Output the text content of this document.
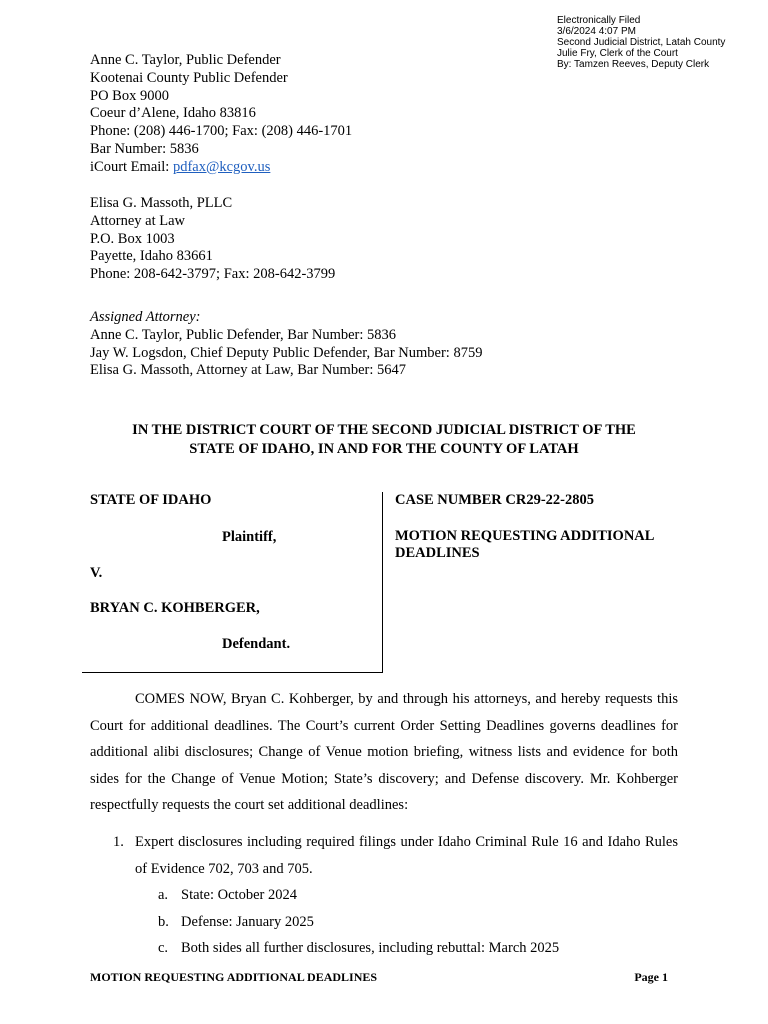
Electronically Filed
3/6/2024 4:07 PM
Second Judicial District, Latah County
Julie Fry, Clerk of the Court
By: Tamzen Reeves, Deputy Clerk
Anne C. Taylor, Public Defender
Kootenai County Public Defender
PO Box 9000
Coeur d’Alene, Idaho 83816
Phone: (208) 446-1700; Fax: (208) 446-1701
Bar Number: 5836
iCourt Email: pdfax@kcgov.us
Elisa G. Massoth, PLLC
Attorney at Law
P.O. Box 1003
Payette, Idaho 83661
Phone: 208-642-3797; Fax: 208-642-3799
Assigned Attorney:
Anne C. Taylor, Public Defender, Bar Number: 5836
Jay W. Logsdon, Chief Deputy Public Defender, Bar Number: 8759
Elisa G. Massoth, Attorney at Law, Bar Number: 5647
IN THE DISTRICT COURT OF THE SECOND JUDICIAL DISTRICT OF THE
STATE OF IDAHO, IN AND FOR THE COUNTY OF LATAH
STATE OF IDAHO
Plaintiff,
V.
BRYAN C. KOHBERGER,
Defendant.
CASE NUMBER CR29-22-2805
MOTION REQUESTING ADDITIONAL DEADLINES
COMES NOW, Bryan C. Kohberger, by and through his attorneys, and hereby requests this Court for additional deadlines. The Court’s current Order Setting Deadlines governs deadlines for additional alibi disclosures; Change of Venue motion briefing, witness lists and evidence for both sides for the Change of Venue Motion; State’s discovery; and Defense discovery. Mr. Kohberger respectfully requests the court set additional deadlines:
1. Expert disclosures including required filings under Idaho Criminal Rule 16 and Idaho Rules of Evidence 702, 703 and 705.
a. State: October 2024
b. Defense: January 2025
c. Both sides all further disclosures, including rebuttal: March 2025
MOTION REQUESTING ADDITIONAL DEADLINES	Page 1
